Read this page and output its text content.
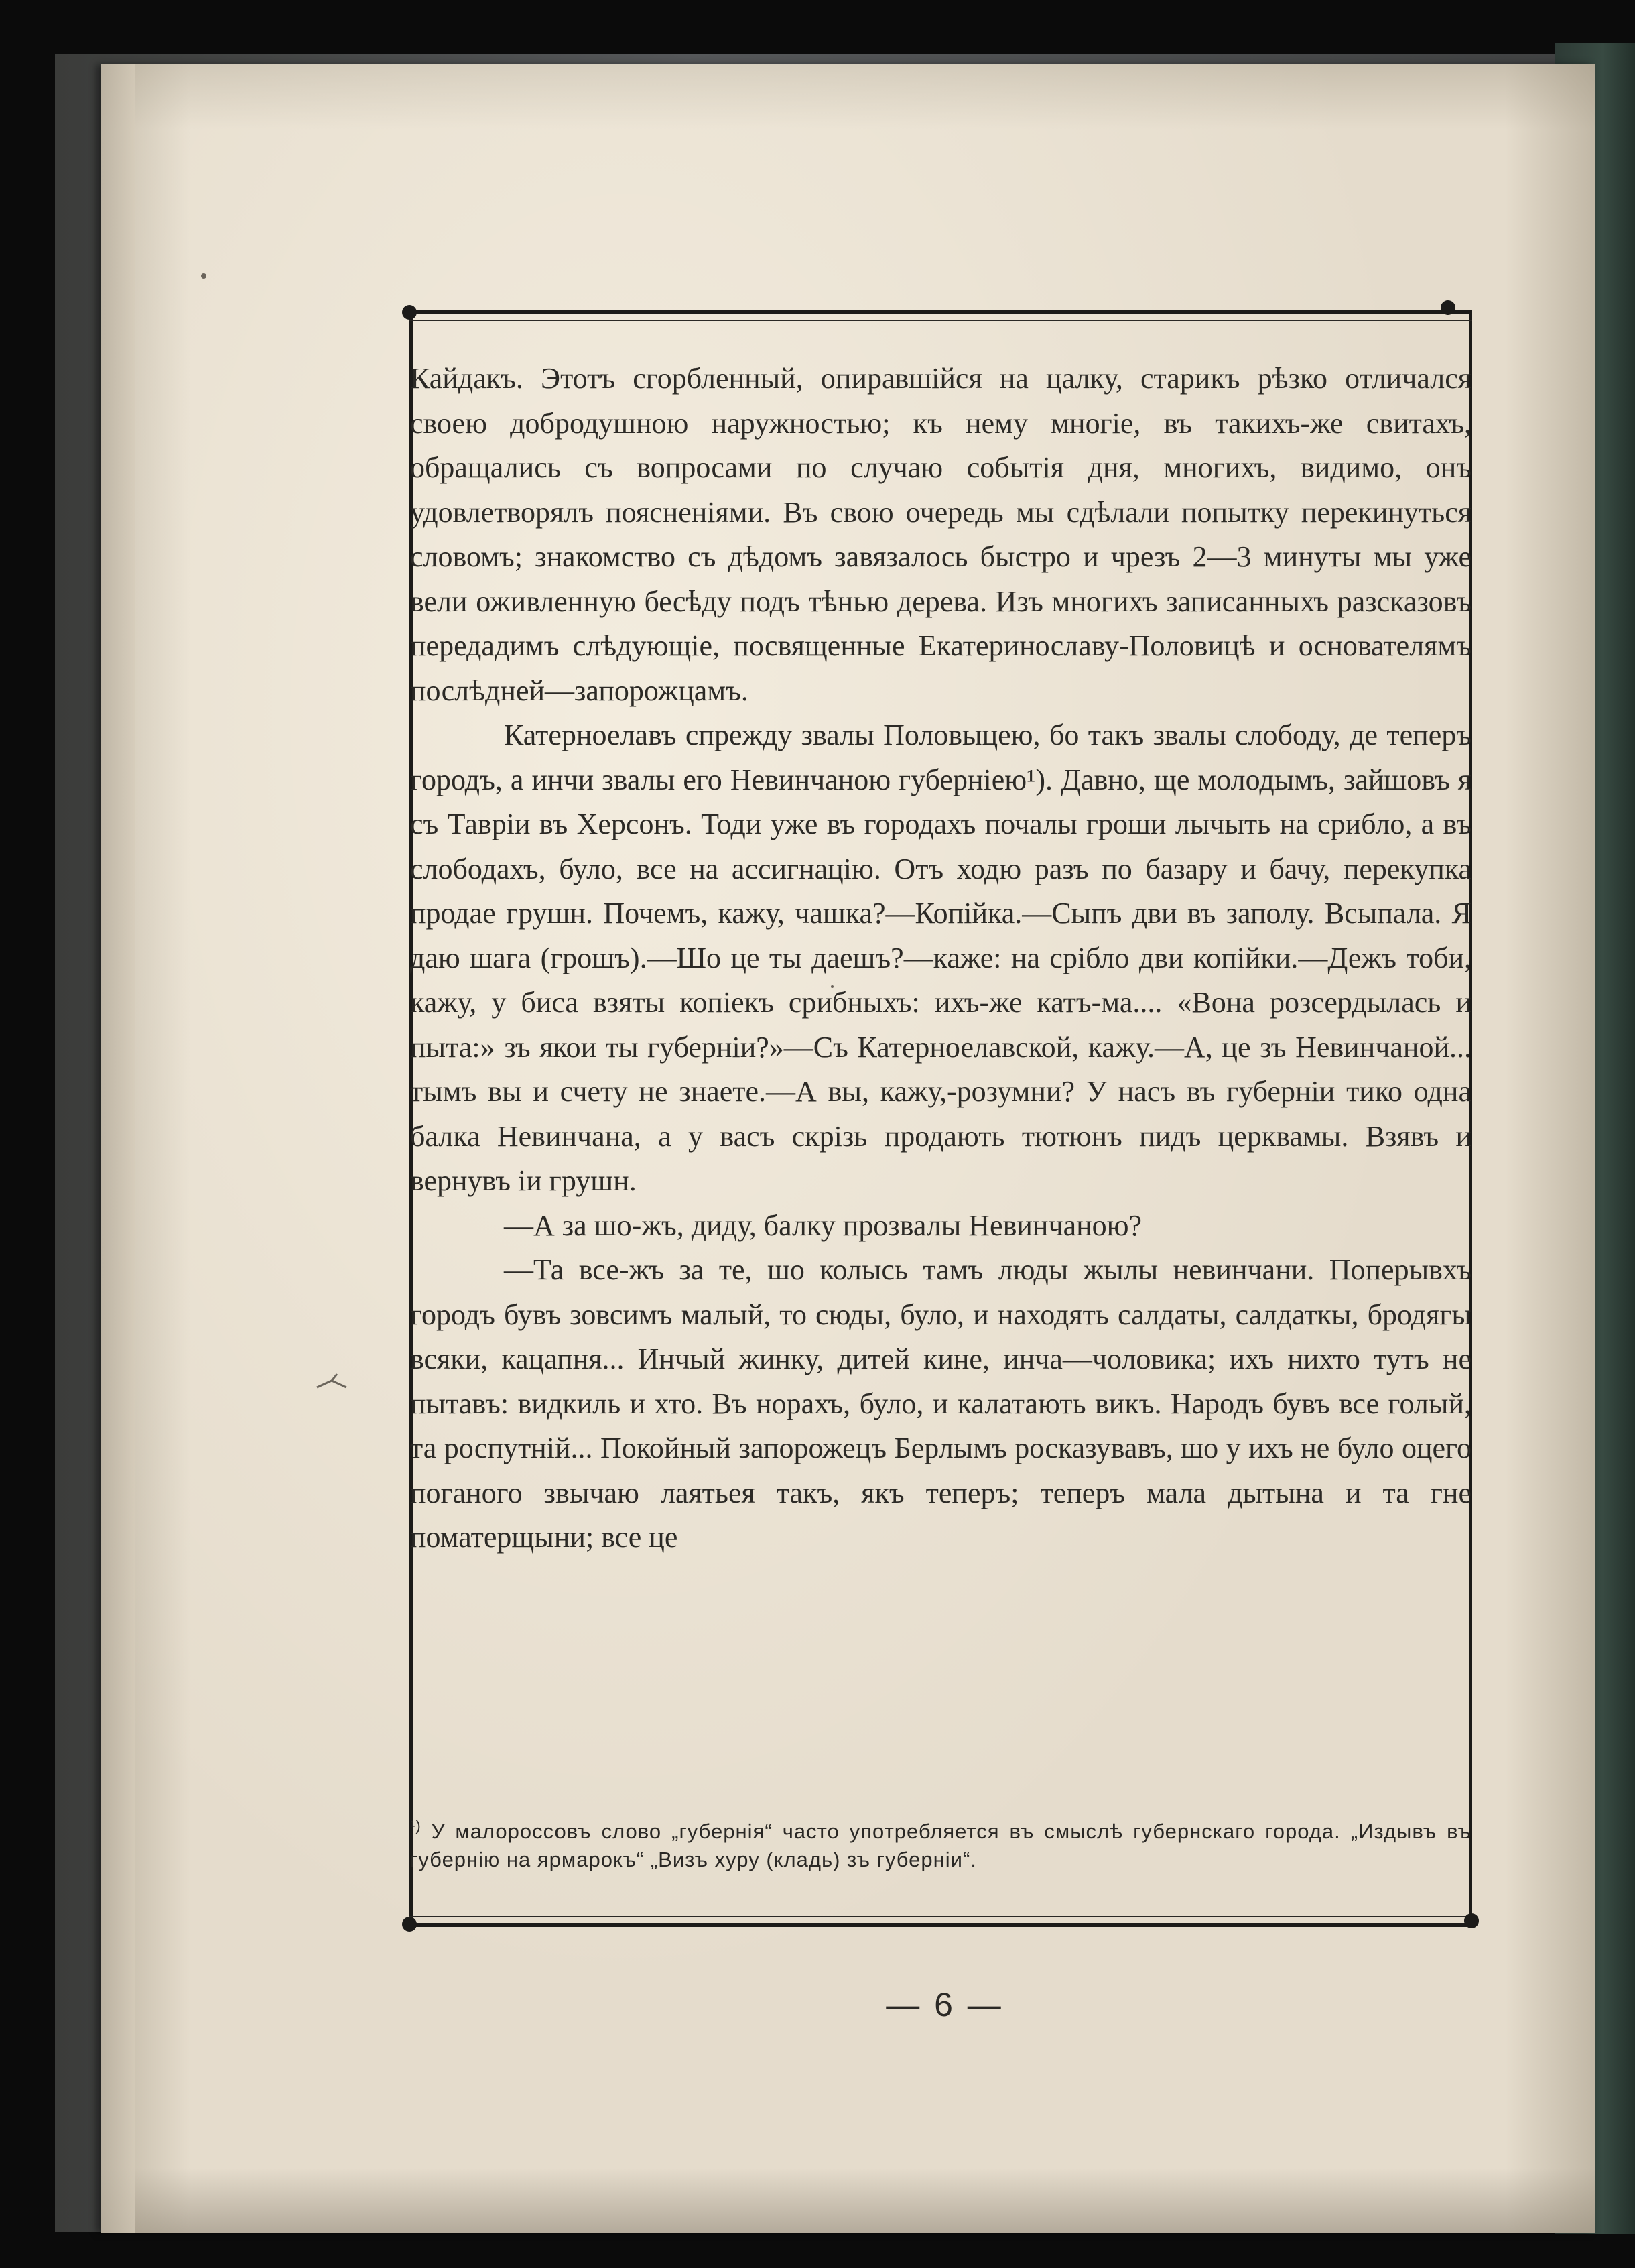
Кайдакъ. Этотъ сгорбленный, опиравшійся на цалку, старикъ рѣзко отличался своею добродушною наружностью; къ нему многіе, въ такихъ-же свитахъ, обращались съ вопросами по случаю событія дня, многихъ, видимо, онъ удовлетворялъ поясненіями. Въ свою очередь мы сдѣлали попытку перекинуться словомъ; знакомство съ дѣдомъ завязалось быстро и чрезъ 2—3 минуты мы уже вели оживленную бесѣду подъ тѣнью дерева. Изъ многихъ записанныхъ разсказовъ передадимъ слѣдующіе, посвященные Екатеринославу-Половицѣ и основателямъ послѣдней—запорожцамъ.

Катерноелавъ спрежду звалы Половыцею, бо такъ звалы слободу, де теперъ городъ, а инчи звалы его Невинчаною губерніею¹). Давно, ще молодымъ, зайшовъ я съ Тавріи въ Херсонъ. Тоди уже въ городахъ почалы гроши лычыть на срибло, а въ слободахъ, було, все на ассигнацію. Отъ ходю разъ по базару и бачу, перекупка продае грушн. Почемъ, кажу, чашка?—Копійка.—Сыпъ дви въ заполу. Всыпала. Я даю шага (грошъ).—Шо це ты даешъ?—каже: на срібло дви копійки.—Дежъ тоби, кажу, у биса взяты копіекъ срибныхъ: ихъ-же катъ-ма.... «Вона розсердылась и пыта:» зъ якои ты губерніи?»—Съ Катерноелавской, кажу.—А, це зъ Невинчаной... тымъ вы и счету не знаете.—А вы, кажу,-розумни? У насъ въ губерніи тико одна балка Невинчана, а у васъ скрізь продають тютюнъ пидъ церквамы. Взявъ и вернувъ іи грушн.

—А за шо-жъ, диду, балку прозвалы Невинчаною?

—Та все-жъ за те, шо колысь тамъ люды жылы невинчани. Поперывхъ городъ бувъ зовсимъ малый, то сюды, було, и находять салдаты, салдаткы, бродягы всяки, кацапня... Инчый жинку, дитей кине, инча—чоловика; ихъ нихто тутъ не пытавъ: видкиль и хто. Въ норахъ, було, и калатають викъ. Народъ бувъ все голый, та роспутній... Покойный запорожецъ Берлымъ росказувавъ, шо у ихъ не було оцего поганого звычаю лаятьея такъ, якъ теперъ; теперъ мала дытына и та гне поматерщыни; все це

$^{^1)}$ У малороссовъ слово „губернія“ часто употребляется въ смыслѣ губернскаго города. „Издывъ въ губернію на ярмарокъ“ „Визъ хуру (кладь) зъ губерніи“.
— 6 —
